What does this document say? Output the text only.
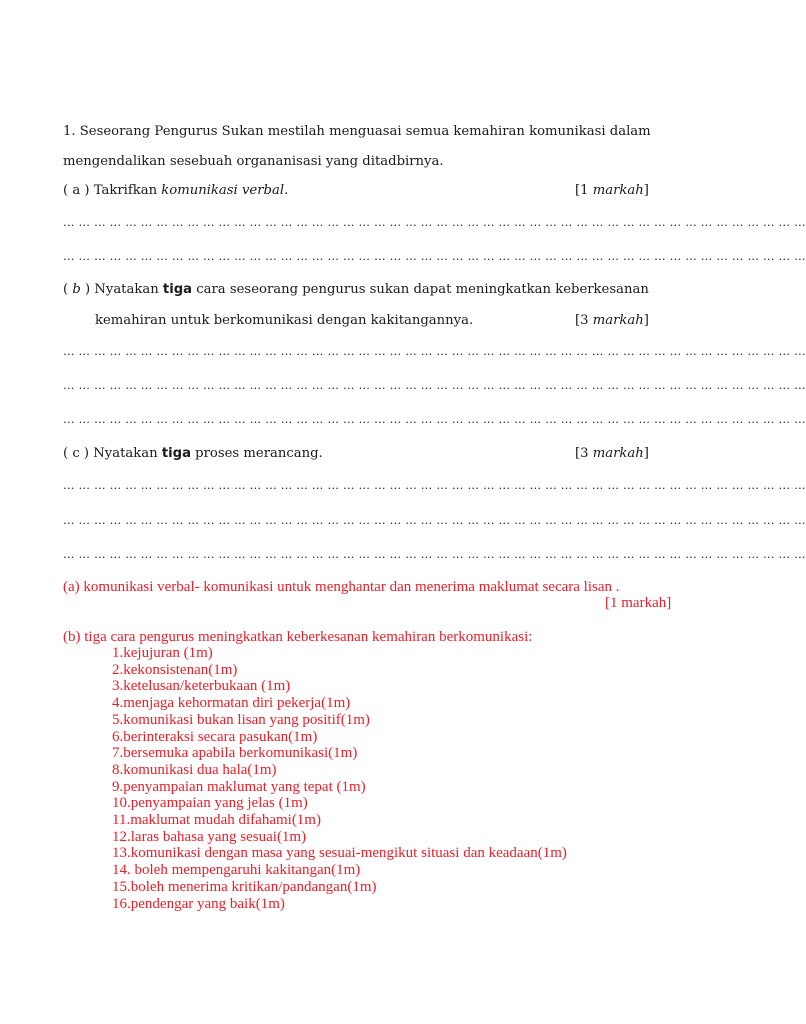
1. Seseorang Pengurus Sukan mestilah menguasai semua kemahiran komunikasi dalam
mengendalikan sesebuah organanisasi yang ditadbirnya.
( a ) Takrifkan komunikasi verbal.	[1 markah]
… … … … … … … … … … … … … … … … … … … … … … … … … … … … … … … … … … … … … … … … … … … … … … … …
… … … … … … … … … … … … … … … … … … … … … … … … … … … … … … … … … … … … … … … … … … … … … … … …
( b ) Nyatakan tiga cara seseorang pengurus sukan dapat meningkatkan keberkesanan
kemahiran untuk berkomunikasi dengan kakitangannya.	[3 markah]
… … … … … … … … … … … … … … … … … … … … … … … … … … … … … … … … … … … … … … … … … … … … … … … …
… … … … … … … … … … … … … … … … … … … … … … … … … … … … … … … … … … … … … … … … … … … … … … … …
… … … … … … … … … … … … … … … … … … … … … … … … … … … … … … … … … … … … … … … … … … … … … … … …
( c ) Nyatakan tiga proses merancang.	[3 markah]
… … … … … … … … … … … … … … … … … … … … … … … … … … … … … … … … … … … … … … … … … … … … … … … …
… … … … … … … … … … … … … … … … … … … … … … … … … … … … … … … … … … … … … … … … … … … … … … … …
… … … … … … … … … … … … … … … … … … … … … … … … … … … … … … … … … … … … … … … … … … … … … … … …
(a) komunikasi verbal- komunikasi untuk menghantar dan menerima maklumat secara lisan .
[1 markah]
(b) tiga cara pengurus meningkatkan keberkesanan kemahiran berkomunikasi:
1.kejujuran (1m)
2.kekonsistenan(1m)
3.ketelusan/keterbukaan (1m)
4.menjaga kehormatan diri pekerja(1m)
5.komunikasi bukan lisan yang positif(1m)
6.berinteraksi secara pasukan(1m)
7.bersemuka apabila berkomunikasi(1m)
8.komunikasi dua hala(1m)
9.penyampaian maklumat yang tepat (1m)
10.penyampaian yang jelas (1m)
11.maklumat mudah difahami(1m)
12.laras bahasa yang sesuai(1m)
13.komunikasi dengan masa yang sesuai-mengikut situasi dan keadaan(1m)
14. boleh mempengaruhi kakitangan(1m)
15.boleh menerima kritikan/pandangan(1m)
16.pendengar yang baik(1m)
